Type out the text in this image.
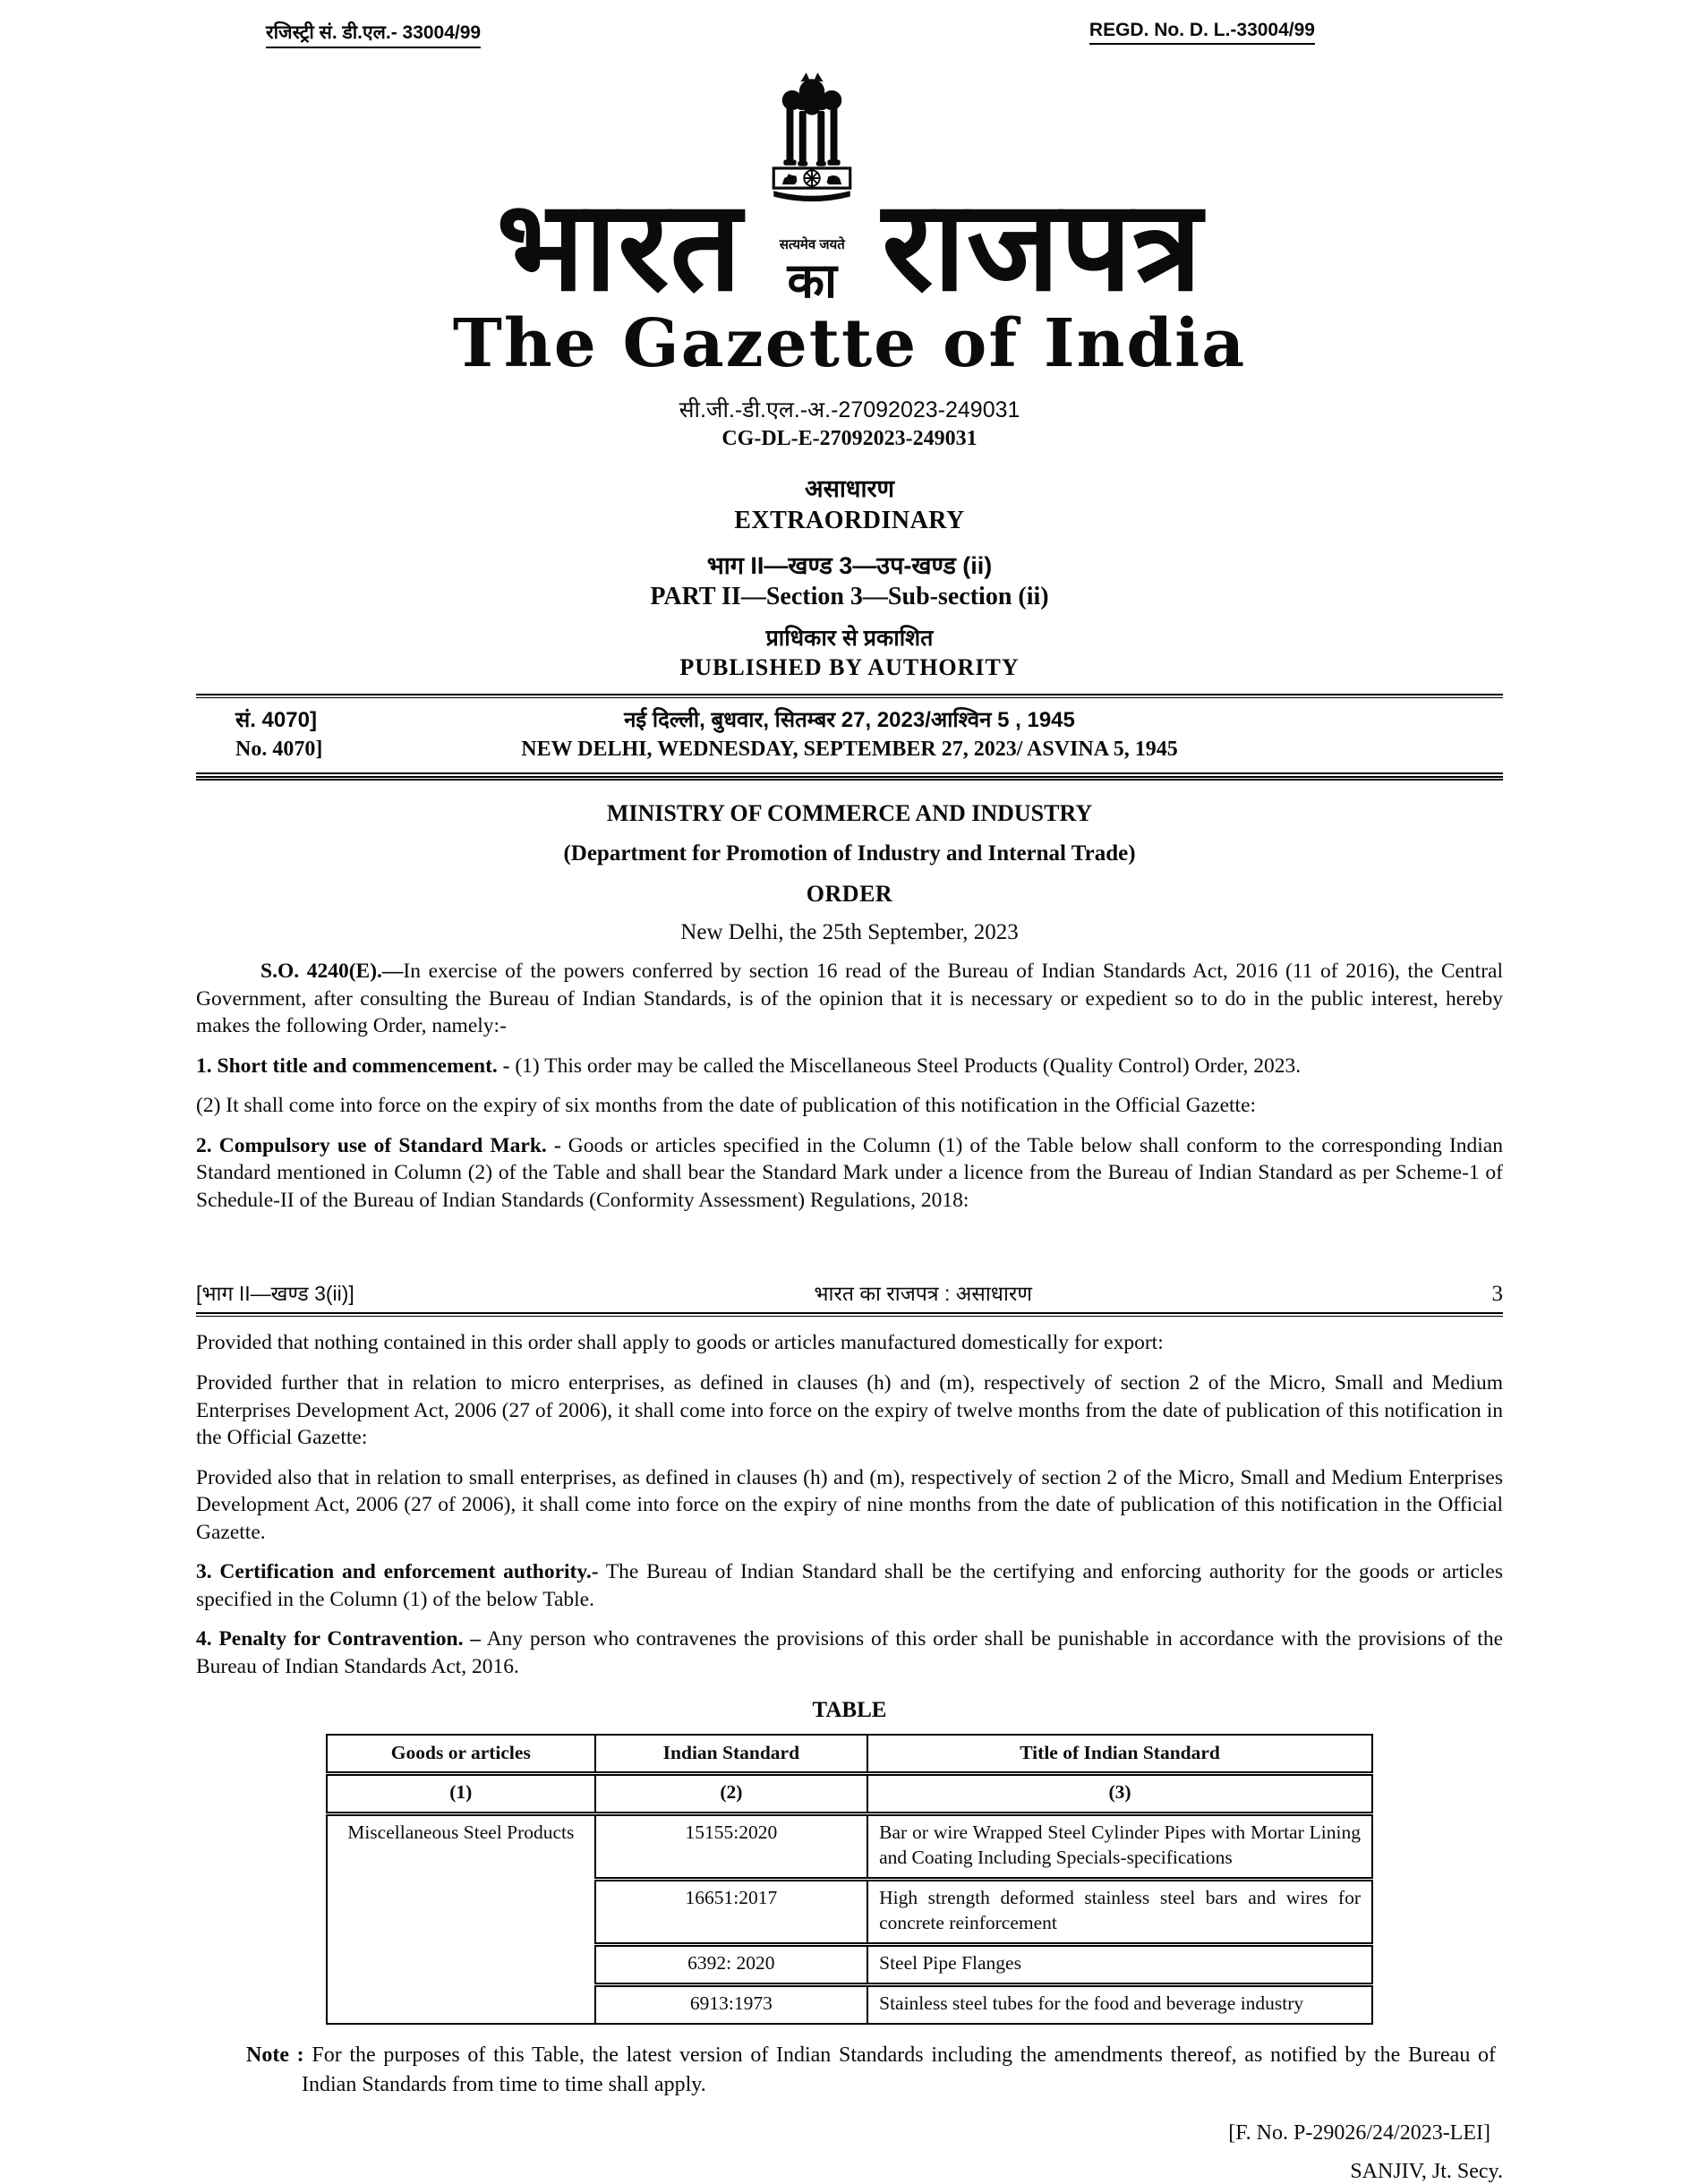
रजिस्ट्री सं. डी.एल.- 33004/99	REGD. No. D. L.-33004/99
भारत	सत्यमेव जयते
का राजपत्र
The Gazette of India
सी.जी.-डी.एल.-अ.-27092023-249031
CG-DL-E-27092023-249031
असाधारण
EXTRAORDINARY
भाग II—खण्ड 3—उप-खण्ड (ii)
PART II—Section 3—Sub-section (ii)
प्राधिकार से प्रकाशित
PUBLISHED BY AUTHORITY
सं. 4070]	नई दिल्ली, बुधवार, सितम्बर 27, 2023/आश्विन 5 , 1945
No. 4070]	NEW DELHI, WEDNESDAY, SEPTEMBER 27, 2023/ ASVINA 5, 1945
MINISTRY OF COMMERCE AND INDUSTRY
(Department for Promotion of Industry and Internal Trade)
ORDER
New Delhi, the 25th September, 2023

S.O. 4240(E).—In exercise of the powers conferred by section 16 read of the Bureau of Indian Standards Act, 2016 (11 of 2016), the Central Government, after consulting the Bureau of Indian Standards, is of the opinion that it is necessary or expedient so to do in the public interest, hereby makes the following Order, namely:-

1. Short title and commencement. - (1) This order may be called the Miscellaneous Steel Products (Quality Control) Order, 2023.

(2) It shall come into force on the expiry of six months from the date of publication of this notification in the Official Gazette:

2. Compulsory use of Standard Mark. - Goods or articles specified in the Column (1) of the Table below shall conform to the corresponding Indian Standard mentioned in Column (2) of the Table and shall bear the Standard Mark under a licence from the Bureau of Indian Standard as per Scheme-1 of Schedule-II of the Bureau of Indian Standards (Conformity Assessment) Regulations, 2018:

[भाग II—खण्ड 3(ii)]	भारत का राजपत्र : असाधारण	3

Provided that nothing contained in this order shall apply to goods or articles manufactured domestically for export:

Provided further that in relation to micro enterprises, as defined in clauses (h) and (m), respectively of section 2 of the Micro, Small and Medium Enterprises Development Act, 2006 (27 of 2006), it shall come into force on the expiry of twelve months from the date of publication of this notification in the Official Gazette:

Provided also that in relation to small enterprises, as defined in clauses (h) and (m), respectively of section 2 of the Micro, Small and Medium Enterprises Development Act, 2006 (27 of 2006), it shall come into force on the expiry of nine months from the date of publication of this notification in the Official Gazette.

3. Certification and enforcement authority.- The Bureau of Indian Standard shall be the certifying and enforcing authority for the goods or articles specified in the Column (1) of the below Table.

4. Penalty for Contravention. – Any person who contravenes the provisions of this order shall be punishable in accordance with the provisions of the Bureau of Indian Standards Act, 2016.

TABLE
Goods or articles	Indian Standard	Title of Indian Standard
(1)	(2)	(3)
Miscellaneous Steel Products	15155:2020	Bar or wire Wrapped Steel Cylinder Pipes with Mortar Lining and Coating Including Specials-specifications
	16651:2017	High strength deformed stainless steel bars and wires for concrete reinforcement
	6392: 2020	Steel Pipe Flanges
	6913:1973	Stainless steel tubes for the food and beverage industry

Note : For the purposes of this Table, the latest version of Indian Standards including the amendments thereof, as notified by the Bureau of Indian Standards from time to time shall apply.

[F. No. P-29026/24/2023-LEI]
SANJIV, Jt. Secy.
